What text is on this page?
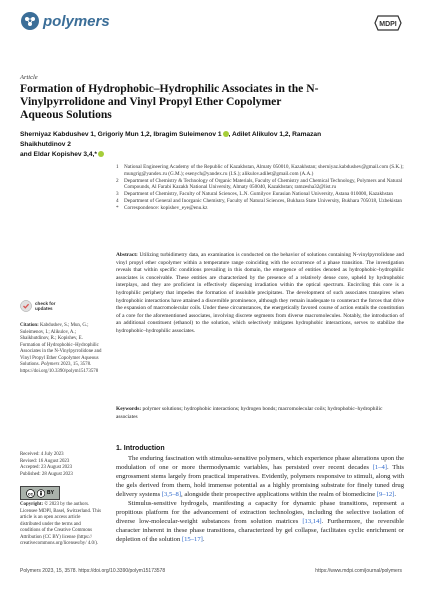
polymers	MDPI
Article
Formation of Hydrophobic–Hydrophilic Associates in the N-Vinylpyrrolidone and Vinyl Propyl Ether Copolymer Aqueous Solutions
Sherniyaz Kabdushev 1, Grigoriy Mun 1,2, Ibragim Suleimenov 1 , Adilet Alikulov 1,2, Ramazan Shaikhutdinov 2
and Eldar Kopishev 3,4,*
1	National Engineering Academy of the Republic of Kazakhstan, Almaty 050010, Kazakhstan; sherniyaz.kabdushev@gmail.com (S.K.); mungrig@yandex.ru (G.M.); esenych@yandex.ru (I.S.); alikulov.adilet@gmail.com (A.A.)
2	Department of Chemistry & Technology of Organic Materials, Faculty of Chemistry and Chemical Technology, Polymers and Natural Compounds, Al Farabi Kazakh National University, Almaty 050040, Kazakhstan; ramzesha32@list.ru
3	Department of Chemistry, Faculty of Natural Sciences, L.N. Gumilyov Eurasian National University, Astana 010000, Kazakhstan
4	Department of General and Inorganic Chemistry, Faculty of Natural Sciences, Bukhara State University, Bukhara 705018, Uzbekistan
*	Correspondence: kopishev_eye@enu.kz
Abstract: Utilizing turbidimetry data, an examination is conducted on the behavior of solutions containing N-vinylpyrrolidone and vinyl propyl ether copolymer within a temperature range coinciding with the occurrence of a phase transition. The investigation reveals that within specific conditions prevailing in this domain, the emergence of entities denoted as hydrophobic–hydrophilic associates is conceivable. These entities are characterized by the presence of a relatively dense core, upheld by hydrophobic interplays, and they are proficient in effectively dispersing irradiation within the optical spectrum. Encircling this core is a hydrophilic periphery that impedes the formation of insoluble precipitates. The development of such associates transpires when hydrophobic interactions have attained a discernible prominence, although they remain inadequate to counteract the forces that drive the expansion of macromolecular coils. Under these circumstances, the energetically favored course of action entails the constitution of a core for the aforementioned associates, involving discrete segments from diverse macromolecules. Notably, the introduction of an additional constituent (ethanol) to the solution, which selectively mitigates hydrophobic interactions, serves to stabilize the hydrophobic–hydrophilic associates.
Keywords: polymer solutions; hydrophobic interactions; hydrogen bonds; macromolecular coils; hydrophobic–hydrophilic associates
check for
updates
Citation: Kabdushev, S.; Mun, G.; Suleimenov, I.; Alikulov, A.; Shaikhutdinov, R.; Kopishev, E. Formation of Hydrophobic–Hydrophilic Associates in the N-Vinylpyrrolidone and Vinyl Propyl Ether Copolymer Aqueous Solutions. Polymers 2023, 15, 3578. https://doi.org/10.3390/polym15173578
Received: 4 July 2023
Revised: 16 August 2023
Accepted: 23 August 2023
Published: 28 August 2023
cc	BY
Copyright: © 2023 by the authors. Licensee MDPI, Basel, Switzerland. This article is an open access article distributed under the terms and conditions of the Creative Commons Attribution (CC BY) license (https:// creativecommons.org/licenses/by/ 4.0/).
1. Introduction

The enduring fascination with stimulus-sensitive polymers, which experience phase alterations upon the modulation of one or more thermodynamic variables, has persisted over recent decades [1–4]. This engrossment stems largely from practical imperatives. Evidently, polymers responsive to stimuli, along with the gels derived from them, hold immense potential as a highly promising substrate for finely tuned drug delivery systems [3,5–8], alongside their prospective applications within the realm of biomedicine [9–12].

Stimulus-sensitive hydrogels, manifesting a capacity for dynamic phase transitions, represent a propitious platform for the advancement of extraction technologies, including the selective isolation of diverse low-molecular-weight substances from solution matrices [13,14]. Furthermore, the reversible character inherent in these phase transitions, characterized by gel collapse, facilitates cyclic enrichment or depletion of the solution [15–17].

Polymers 2023, 15, 3578. https://doi.org/10.3390/polym15173578	https://www.mdpi.com/journal/polymers
